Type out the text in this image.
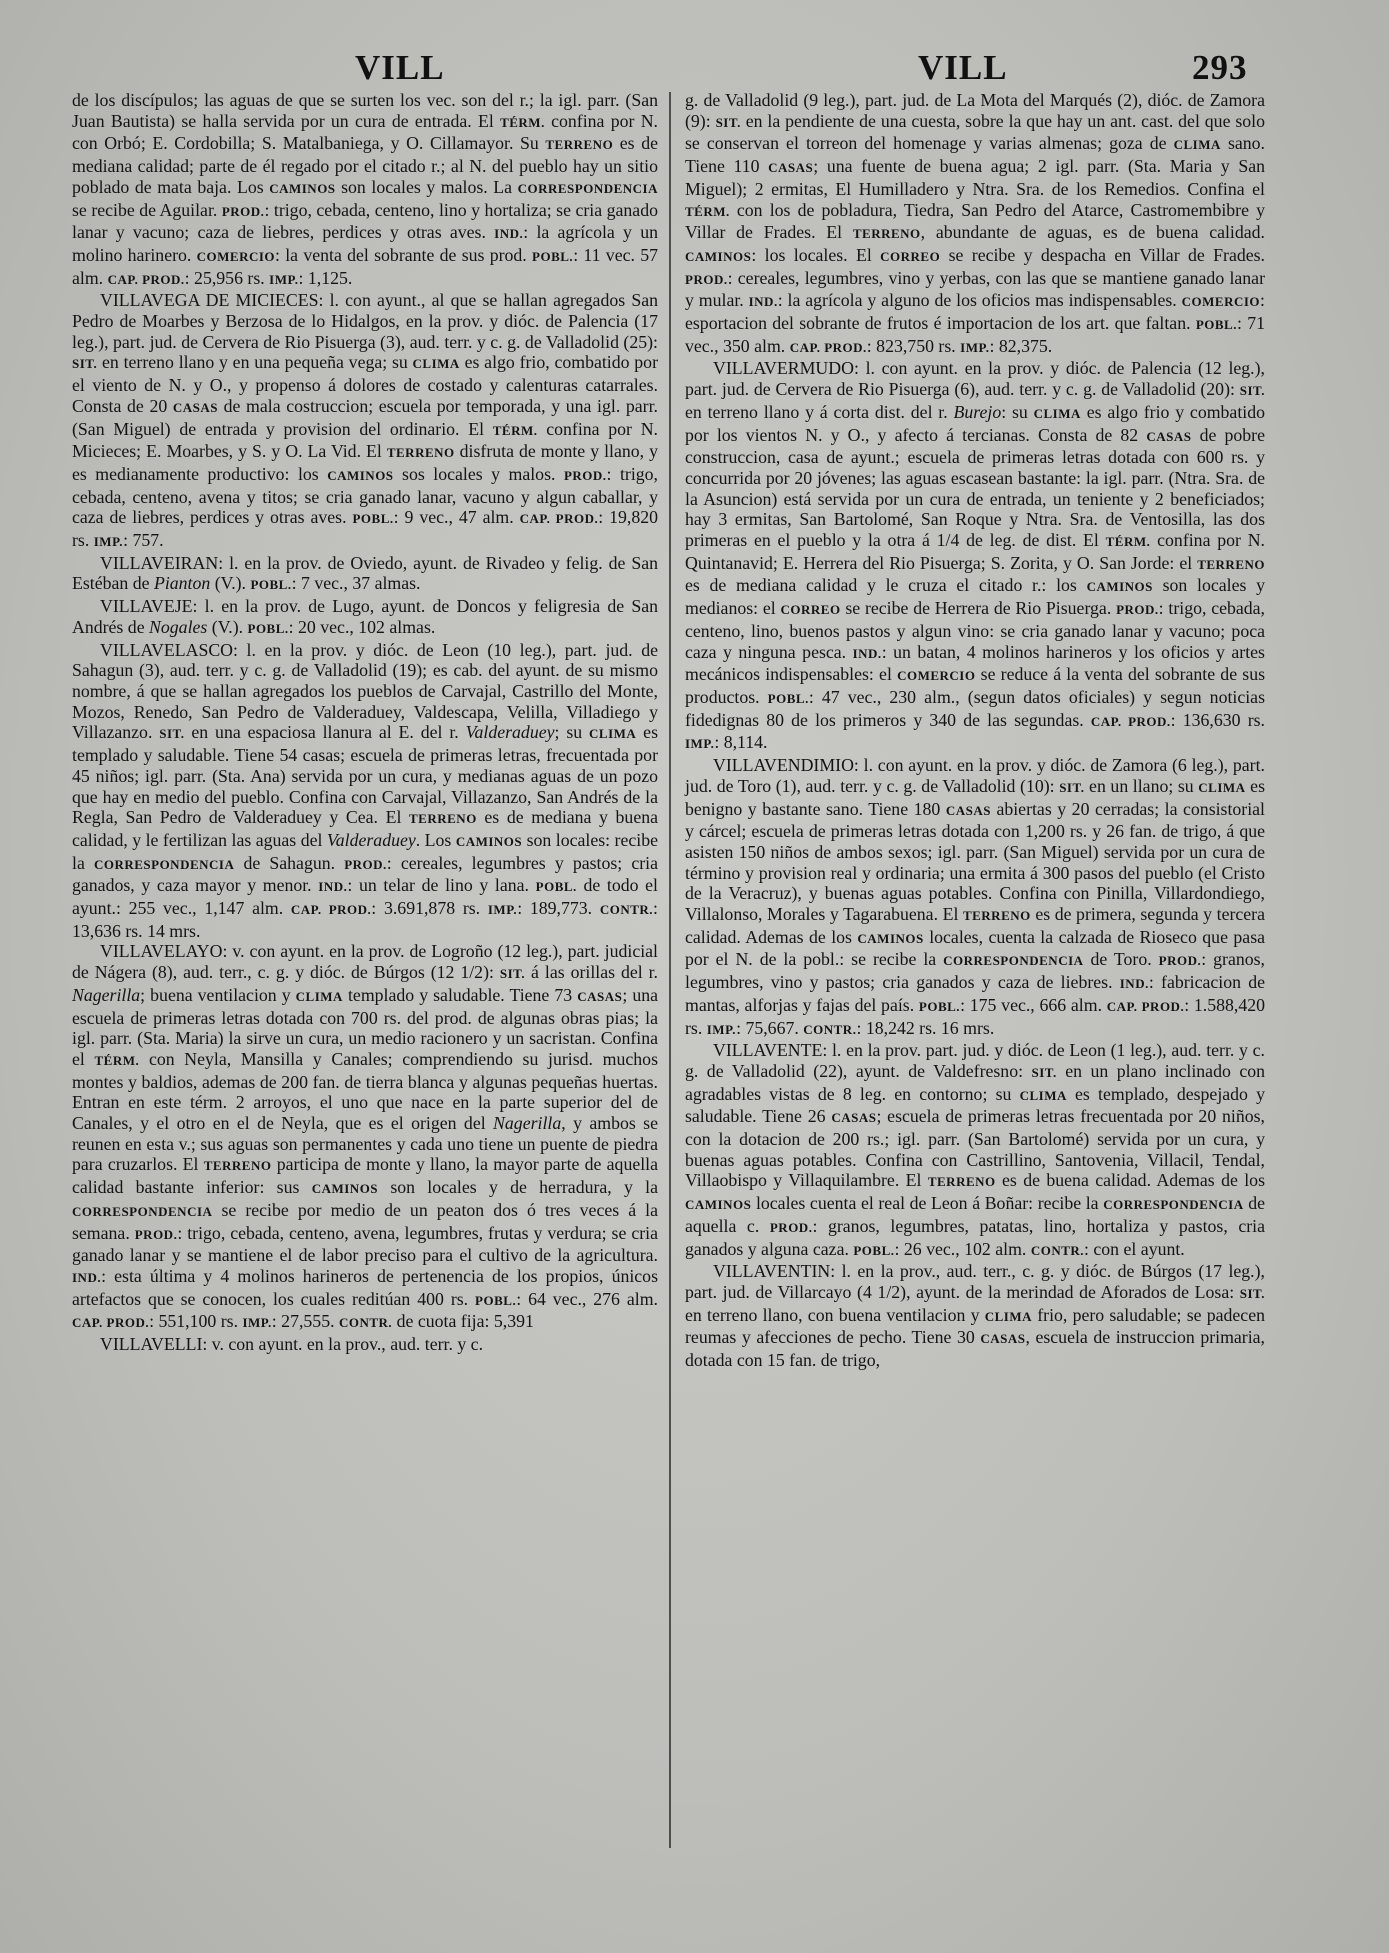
VILL	VILL	293

de los discípulos; las aguas de que se surten los vec. son del r.; la igl. parr. (San Juan Bautista) se halla servida por un cura de entrada. El TÉRM. confina por N. con Orbó; E. Cordobilla; S. Matalbaniega, y O. Cillamayor. Su TERRENO es de mediana calidad; parte de él regado por el citado r.; al N. del pueblo hay un sitio poblado de mata baja. Los CAMINOS son locales y malos. La CORRESPONDENCIA se recibe de Aguilar. PROD.: trigo, cebada, centeno, lino y hortaliza; se cria ganado lanar y vacuno; caza de liebres, perdices y otras aves. IND.: la agrícola y un molino harinero. COMERCIO: la venta del sobrante de sus prod. POBL.: 11 vec. 57 alm. CAP. PROD.: 25,956 rs. IMP.: 1,125.

VILLAVEGA DE MICIECES: l. con ayunt., al que se hallan agregados San Pedro de Moarbes y Berzosa de lo Hidalgos, en la prov. y dióc. de Palencia (17 leg.), part. jud. de Cervera de Rio Pisuerga (3), aud. terr. y c. g. de Valladolid (25): SIT. en terreno llano y en una pequeña vega; su CLIMA es algo frio, combatido por el viento de N. y O., y propenso á dolores de costado y calenturas catarrales. Consta de 20 CASAS de mala costruccion; escuela por temporada, y una igl. parr. (San Miguel) de entrada y provision del ordinario. El TÉRM. confina por N. Micieces; E. Moarbes, y S. y O. La Vid. El TERRENO disfruta de monte y llano, y es medianamente productivo: los CAMINOS sos locales y malos. PROD.: trigo, cebada, centeno, avena y titos; se cria ganado lanar, vacuno y algun caballar, y caza de liebres, perdices y otras aves. POBL.: 9 vec., 47 alm. CAP. PROD.: 19,820 rs. IMP.: 757.

VILLAVEIRAN: l. en la prov. de Oviedo, ayunt. de Rivadeo y felig. de San Estéban de Pianton (V.). POBL.: 7 vec., 37 almas.

VILLAVEJE: l. en la prov. de Lugo, ayunt. de Doncos y feligresia de San Andrés de Nogales (V.). POBL.: 20 vec., 102 almas.

VILLAVELASCO: l. en la prov. y dióc. de Leon (10 leg.), part. jud. de Sahagun (3), aud. terr. y c. g. de Valladolid (19); es cab. del ayunt. de su mismo nombre, á que se hallan agregados los pueblos de Carvajal, Castrillo del Monte, Mozos, Renedo, San Pedro de Valderaduey, Valdescapa, Velilla, Villadiego y Villazanzo. SIT. en una espaciosa llanura al E. del r. Valderaduey; su CLIMA es templado y saludable. Tiene 54 casas; escuela de primeras letras, frecuentada por 45 niños; igl. parr. (Sta. Ana) servida por un cura, y medianas aguas de un pozo que hay en medio del pueblo. Confina con Carvajal, Villazanzo, San Andrés de la Regla, San Pedro de Valderaduey y Cea. El TERRENO es de mediana y buena calidad, y le fertilizan las aguas del Valderaduey. Los CAMINOS son locales: recibe la CORRESPONDENCIA de Sahagun. PROD.: cereales, legumbres y pastos; cria ganados, y caza mayor y menor. IND.: un telar de lino y lana. POBL. de todo el ayunt.: 255 vec., 1,147 alm. CAP. PROD.: 3.691,878 rs. IMP.: 189,773. CONTR.: 13,636 rs. 14 mrs.

VILLAVELAYO: v. con ayunt. en la prov. de Logroño (12 leg.), part. judicial de Nágera (8), aud. terr., c. g. y dióc. de Búrgos (12 1/2): SIT. á las orillas del r. Nagerilla; buena ventilacion y CLIMA templado y saludable. Tiene 73 CASAS; una escuela de primeras letras dotada con 700 rs. del prod. de algunas obras pias; la igl. parr. (Sta. Maria) la sirve un cura, un medio racionero y un sacristan. Confina el TÉRM. con Neyla, Mansilla y Canales; comprendiendo su jurisd. muchos montes y baldios, ademas de 200 fan. de tierra blanca y algunas pequeñas huertas. Entran en este térm. 2 arroyos, el uno que nace en la parte superior del de Canales, y el otro en el de Neyla, que es el origen del Nagerilla, y ambos se reunen en esta v.; sus aguas son permanentes y cada uno tiene un puente de piedra para cruzarlos. El TERRENO participa de monte y llano, la mayor parte de aquella calidad bastante inferior: sus CAMINOS son locales y de herradura, y la CORRESPONDENCIA se recibe por medio de un peaton dos ó tres veces á la semana. PROD.: trigo, cebada, centeno, avena, legumbres, frutas y verdura; se cria ganado lanar y se mantiene el de labor preciso para el cultivo de la agricultura. IND.: esta última y 4 molinos harineros de pertenencia de los propios, únicos artefactos que se conocen, los cuales reditúan 400 rs. POBL.: 64 vec., 276 alm. CAP. PROD.: 551,100 rs. IMP.: 27,555. CONTR. de cuota fija: 5,391

VILLAVELLI: v. con ayunt. en la prov., aud. terr. y c.

g. de Valladolid (9 leg.), part. jud. de La Mota del Marqués (2), dióc. de Zamora (9): SIT. en la pendiente de una cuesta, sobre la que hay un ant. cast. del que solo se conservan el torreon del homenage y varias almenas; goza de CLIMA sano. Tiene 110 CASAS; una fuente de buena agua; 2 igl. parr. (Sta. Maria y San Miguel); 2 ermitas, El Humilladero y Ntra. Sra. de los Remedios. Confina el TÉRM. con los de pobladura, Tiedra, San Pedro del Atarce, Castromembibre y Villar de Frades. El TERRENO, abundante de aguas, es de buena calidad. CAMINOS: los locales. El CORREO se recibe y despacha en Villar de Frades. PROD.: cereales, legumbres, vino y yerbas, con las que se mantiene ganado lanar y mular. IND.: la agrícola y alguno de los oficios mas indispensables. COMERCIO: esportacion del sobrante de frutos é importacion de los art. que faltan. POBL.: 71 vec., 350 alm. CAP. PROD.: 823,750 rs. IMP.: 82,375.

VILLAVERMUDO: l. con ayunt. en la prov. y dióc. de Palencia (12 leg.), part. jud. de Cervera de Rio Pisuerga (6), aud. terr. y c. g. de Valladolid (20): SIT. en terreno llano y á corta dist. del r. Burejo: su CLIMA es algo frio y combatido por los vientos N. y O., y afecto á tercianas. Consta de 82 CASAS de pobre construccion, casa de ayunt.; escuela de primeras letras dotada con 600 rs. y concurrida por 20 jóvenes; las aguas escasean bastante: la igl. parr. (Ntra. Sra. de la Asuncion) está servida por un cura de entrada, un teniente y 2 beneficiados; hay 3 ermitas, San Bartolomé, San Roque y Ntra. Sra. de Ventosilla, las dos primeras en el pueblo y la otra á 1/4 de leg. de dist. El TÉRM. confina por N. Quintanavid; E. Herrera del Rio Pisuerga; S. Zorita, y O. San Jorde: el TERRENO es de mediana calidad y le cruza el citado r.: los CAMINOS son locales y medianos: el CORREO se recibe de Herrera de Rio Pisuerga. PROD.: trigo, cebada, centeno, lino, buenos pastos y algun vino: se cria ganado lanar y vacuno; poca caza y ninguna pesca. IND.: un batan, 4 molinos harineros y los oficios y artes mecánicos indispensables: el COMERCIO se reduce á la venta del sobrante de sus productos. POBL.: 47 vec., 230 alm., (segun datos oficiales) y segun noticias fidedignas 80 de los primeros y 340 de las segundas. CAP. PROD.: 136,630 rs. IMP.: 8,114.

VILLAVENDIMIO: l. con ayunt. en la prov. y dióc. de Zamora (6 leg.), part. jud. de Toro (1), aud. terr. y c. g. de Valladolid (10): SIT. en un llano; su CLIMA es benigno y bastante sano. Tiene 180 CASAS abiertas y 20 cerradas; la consistorial y cárcel; escuela de primeras letras dotada con 1,200 rs. y 26 fan. de trigo, á que asisten 150 niños de ambos sexos; igl. parr. (San Miguel) servida por un cura de término y provision real y ordinaria; una ermita á 300 pasos del pueblo (el Cristo de la Veracruz), y buenas aguas potables. Confina con Pinilla, Villardondiego, Villalonso, Morales y Tagarabuena. El TERRENO es de primera, segunda y tercera calidad. Ademas de los CAMINOS locales, cuenta la calzada de Rioseco que pasa por el N. de la pobl.: se recibe la CORRESPONDENCIA de Toro. PROD.: granos, legumbres, vino y pastos; cria ganados y caza de liebres. IND.: fabricacion de mantas, alforjas y fajas del país. POBL.: 175 vec., 666 alm. CAP. PROD.: 1.588,420 rs. IMP.: 75,667. CONTR.: 18,242 rs. 16 mrs.

VILLAVENTE: l. en la prov. part. jud. y dióc. de Leon (1 leg.), aud. terr. y c. g. de Valladolid (22), ayunt. de Valdefresno: SIT. en un plano inclinado con agradables vistas de 8 leg. en contorno; su CLIMA es templado, despejado y saludable. Tiene 26 CASAS; escuela de primeras letras frecuentada por 20 niños, con la dotacion de 200 rs.; igl. parr. (San Bartolomé) servida por un cura, y buenas aguas potables. Confina con Castrillino, Santovenia, Villacil, Tendal, Villaobispo y Villaquilambre. El TERRENO es de buena calidad. Ademas de los CAMINOS locales cuenta el real de Leon á Boñar: recibe la CORRESPONDENCIA de aquella c. PROD.: granos, legumbres, patatas, lino, hortaliza y pastos, cria ganados y alguna caza. POBL.: 26 vec., 102 alm. CONTR.: con el ayunt.

VILLAVENTIN: l. en la prov., aud. terr., c. g. y dióc. de Búrgos (17 leg.), part. jud. de Villarcayo (4 1/2), ayunt. de la merindad de Aforados de Losa: SIT. en terreno llano, con buena ventilacion y CLIMA frio, pero saludable; se padecen reumas y afecciones de pecho. Tiene 30 CASAS, escuela de instruccion primaria, dotada con 15 fan. de trigo,
